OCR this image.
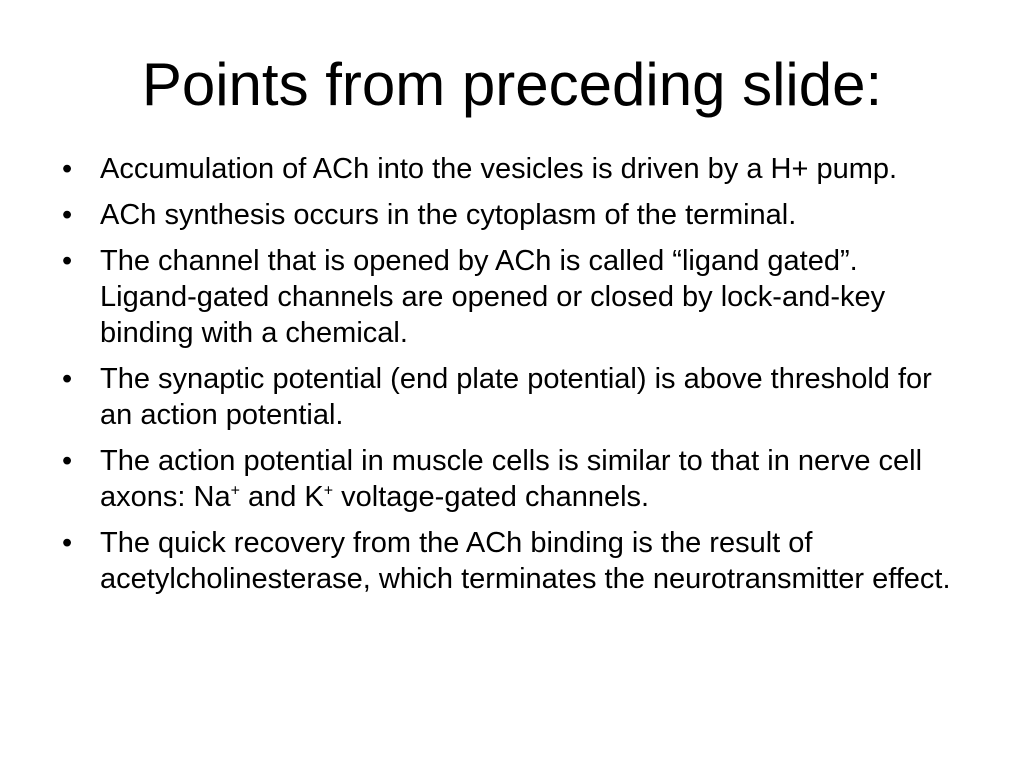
Points from preceding slide:
• Accumulation of ACh into the vesicles is driven by a H+ pump.
• ACh synthesis occurs in the cytoplasm of the terminal.
• The channel that is opened by ACh is called “ligand gated”. Ligand-gated channels are opened or closed by lock-and-key binding with a chemical.
• The synaptic potential (end plate potential) is above threshold for an action potential.
• The action potential in muscle cells is similar to that in nerve cell axons: Na+ and K+ voltage-gated channels.
• The quick recovery from the ACh binding is the result of acetylcholinesterase, which terminates the neurotransmitter effect.
